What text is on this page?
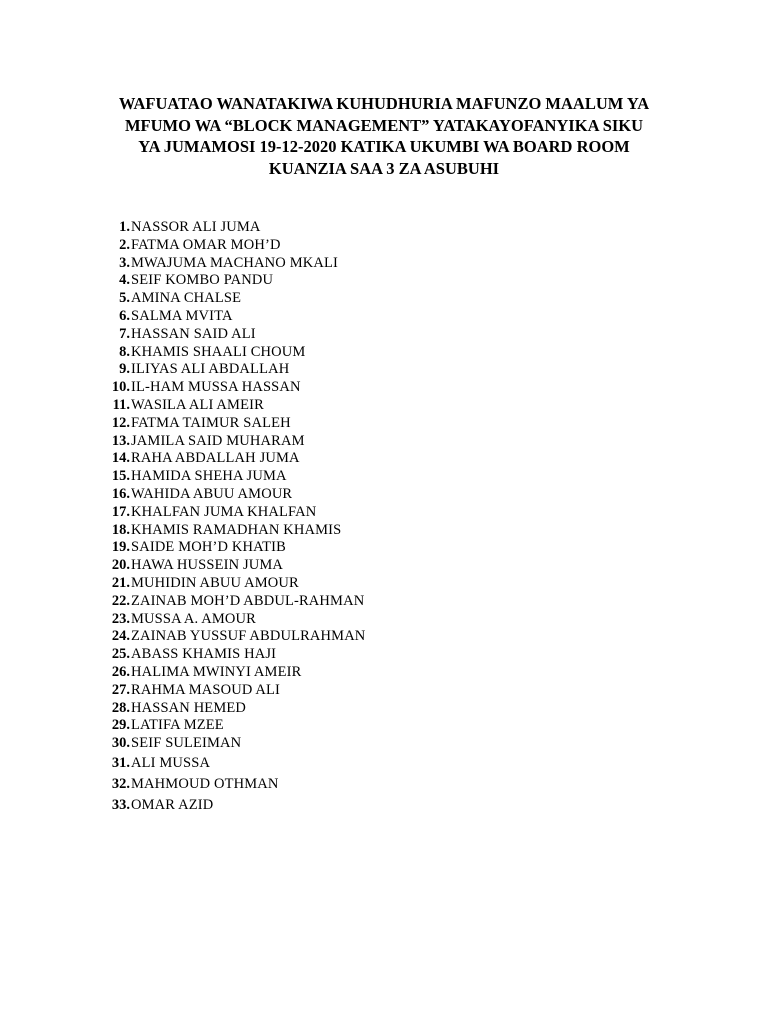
WAFUATAO WANATAKIWA KUHUDHURIA MAFUNZO MAALUM YA
MFUMO WA “BLOCK MANAGEMENT” YATAKAYOFANYIKA SIKU
YA JUMAMOSI 19-12-2020 KATIKA UKUMBI WA BOARD ROOM
KUANZIA SAA 3 ZA ASUBUHI
1. NASSOR ALI JUMA
2. FATMA OMAR MOH’D
3. MWAJUMA MACHANO MKALI
4. SEIF KOMBO PANDU
5. AMINA CHALSE
6. SALMA MVITA
7. HASSAN SAID ALI
8. KHAMIS SHAALI CHOUM
9. ILIYAS ALI ABDALLAH
10. IL-HAM MUSSA HASSAN
11. WASILA ALI AMEIR
12. FATMA TAIMUR SALEH
13. JAMILA SAID MUHARAM
14. RAHA ABDALLAH JUMA
15. HAMIDA SHEHA JUMA
16. WAHIDA ABUU AMOUR
17. KHALFAN JUMA KHALFAN
18. KHAMIS RAMADHAN KHAMIS
19. SAIDE MOH’D KHATIB
20. HAWA HUSSEIN JUMA
21. MUHIDIN ABUU AMOUR
22. ZAINAB MOH’D ABDUL-RAHMAN
23. MUSSA A. AMOUR
24. ZAINAB YUSSUF ABDULRAHMAN
25. ABASS KHAMIS HAJI
26. HALIMA MWINYI AMEIR
27. RAHMA MASOUD ALI
28. HASSAN HEMED
29. LATIFA MZEE
30. SEIF SULEIMAN
31. ALI MUSSA
32. MAHMOUD OTHMAN
33. OMAR AZID
